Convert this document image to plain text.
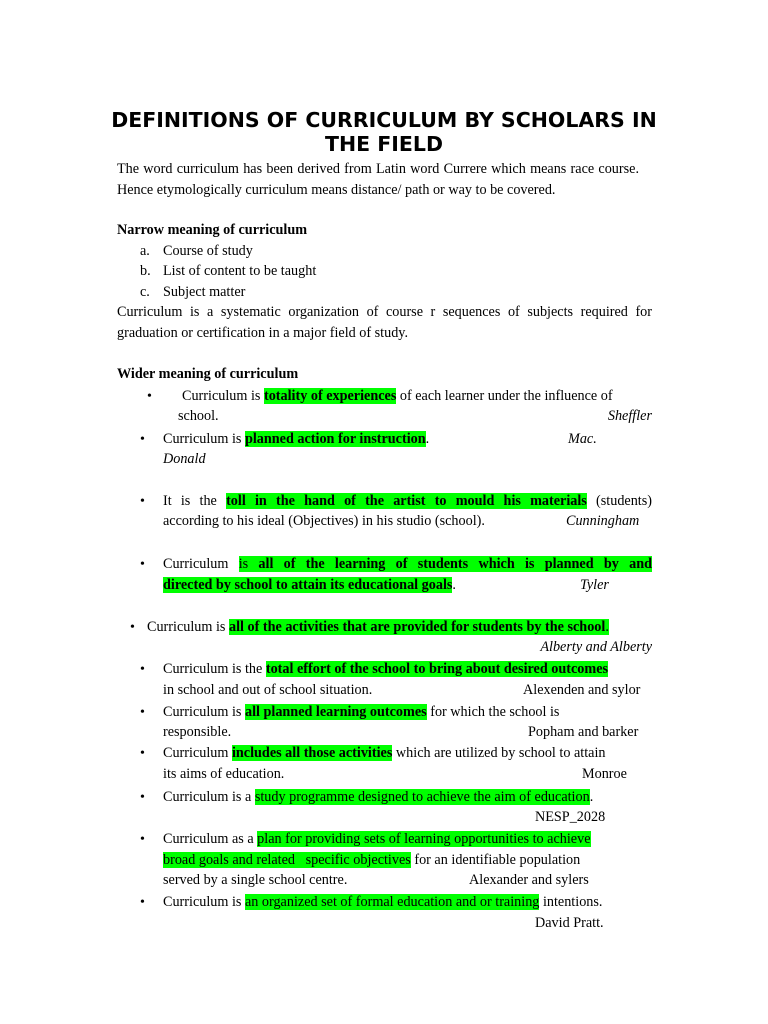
DEFINITIONS OF CURRICULUM BY SCHOLARS IN THE FIELD
The word curriculum has been derived from Latin word Currere which means race course. Hence etymologically curriculum means distance/ path or way to be covered.
Narrow meaning of curriculum
a. Course of study
b. List of content to be taught
c. Subject matter
Curriculum is a systematic organization of course r sequences of subjects required for graduation or certification in a major field of study.
Wider meaning of curriculum
• Curriculum is totality of experiences of each learner under the influence of
school.	Sheffler
• Curriculum is planned action for instruction.	Mac.
Donald
• It is the toll in the hand of the artist to mould his materials (students)
according to his ideal (Objectives) in his studio (school).	Cunningham
• Curriculum is all of the learning of students which is planned by and
directed by school to attain its educational goals.	Tyler
• Curriculum is all of the activities that are provided for students by the school.
Alberty and Alberty
• Curriculum is the total effort of the school to bring about desired outcomes
in school and out of school situation.	Alexenden and sylor
• Curriculum is all planned learning outcomes for which the school is
responsible.	Popham and barker
• Curriculum includes all those activities which are utilized by school to attain
its aims of education.	Monroe
• Curriculum is a study programme designed to achieve the aim of education.
NESP_2028
• Curriculum as a plan for providing sets of learning opportunities to achieve
broad goals and related   specific objectives for an identifiable population
served by a single school centre.	Alexander and sylers
• Curriculum is an organized set of formal education and or training intentions.
David Pratt.
